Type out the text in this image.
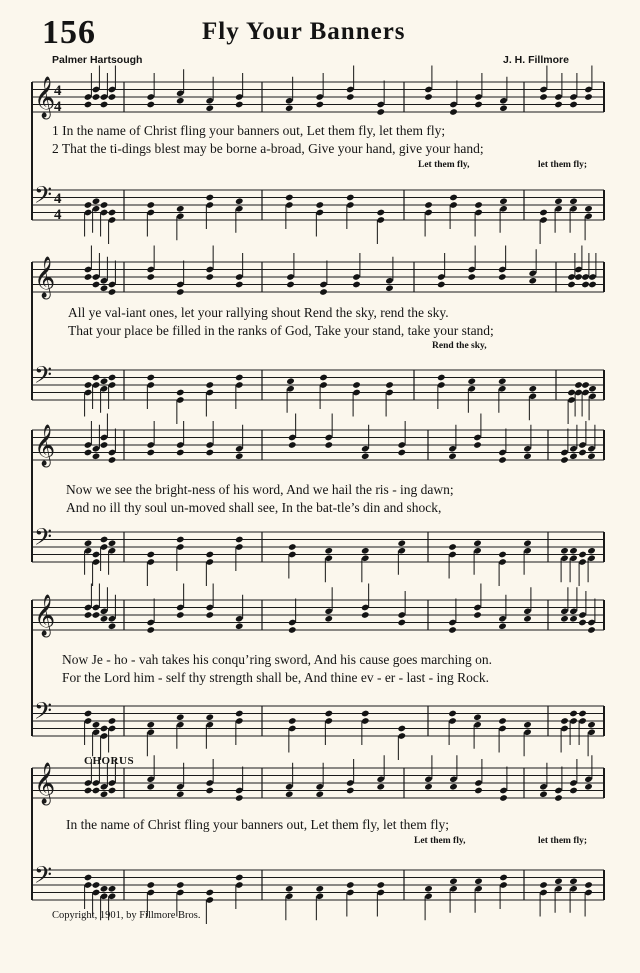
𝄞
4
4
𝄢 4
4
𝄞
𝄢
𝄞
𝄢
𝄞
𝄢
𝄞
𝄢
156	Fly Your Banners
Palmer Hartsough	J. H. Fillmore
1 In the name of Christ fling your banners out, Let them fly, let them fly;
2 That the ti-dings blest may be borne a-broad, Give your hand, give your hand;
Let them fly,	let them fly;
All ye val-iant ones, let your rallying shout Rend the sky, rend the sky.
That your place be filled in the ranks of God, Take your stand, take your stand;
Rend the sky,
Now we see the bright-ness of his word, And we hail the ris - ing dawn;
And no ill thy soul un-moved shall see, In the bat-tle’s din and shock,
Now Je - ho - vah takes his conqu’ring sword, And his cause goes marching on.
For the Lord him - self thy strength shall be, And thine ev - er - last - ing Rock.
CHORUS
In the name of Christ fling your banners out, Let them fly, let them fly;
Let them fly,	let them fly;
Copyright, 1901, by Fillmore Bros.
